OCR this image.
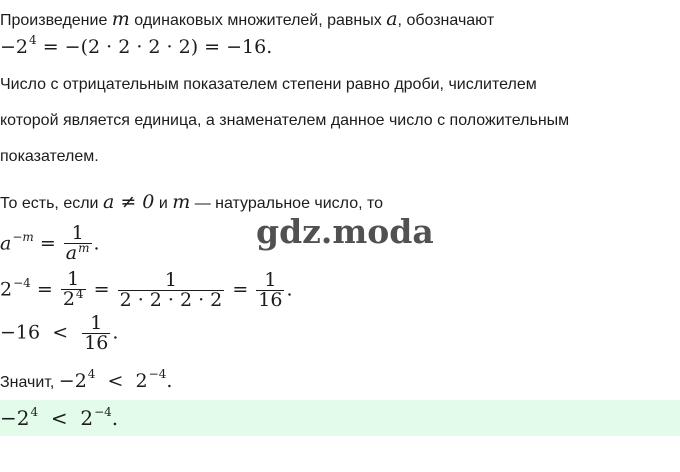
Произведение m одинаковых множителей, равных a, обозначают
$-2^4 = -(2 \cdot 2 \cdot 2 \cdot 2) = -16$.
Число с отрицательным показателем степени равно дроби, числителем
которой является единица, а знаменателем данное число с положительным
показателем.
То есть, если a ≠ 0 и m — натуральное число, то
$a^{-m} = \frac{1}{a^m}$ .
$2^{-4} = \frac{1}{2^4} = \frac{1}{2 \cdot 2 \cdot 2 \cdot 2} = \frac{1}{16}$ .
$-16 < \frac{1}{16}$ .
Значит, $-2^4 < 2^{-4}$.
$-2^4 < 2^{-4}$.
gdz.moda
